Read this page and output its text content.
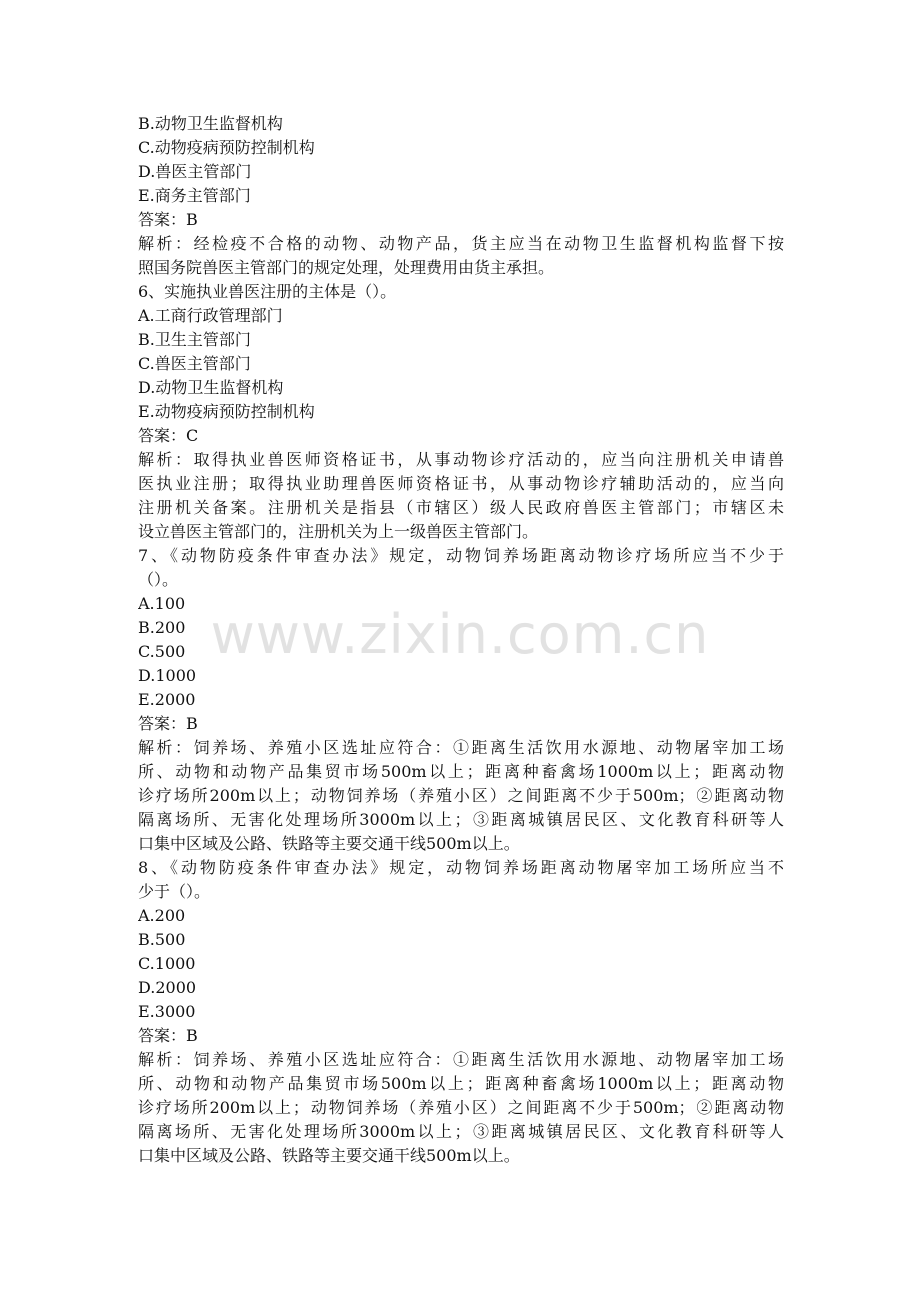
www.zixin.com.cn
B.动物卫生监督机构
C.动物疫病预防控制机构
D.兽医主管部门
E.商务主管部门
答案：B
解析：经检疫不合格的动物、动物产品，货主应当在动物卫生监督机构监督下按
照国务院兽医主管部门的规定处理，处理费用由货主承担。
6、实施执业兽医注册的主体是（）。
A.工商行政管理部门
B.卫生主管部门
C.兽医主管部门
D.动物卫生监督机构
E.动物疫病预防控制机构
答案：C
解析：取得执业兽医师资格证书，从事动物诊疗活动的，应当向注册机关申请兽
医执业注册；取得执业助理兽医师资格证书，从事动物诊疗辅助活动的，应当向
注册机关备案。注册机关是指县（市辖区）级人民政府兽医主管部门；市辖区未
设立兽医主管部门的，注册机关为上一级兽医主管部门。
7、《动物防疫条件审查办法》规定，动物饲养场距离动物诊疗场所应当不少于
（）。
A.100
B.200
C.500
D.1000
E.2000
答案：B
解析：饲养场、养殖小区选址应符合：①距离生活饮用水源地、动物屠宰加工场
所、动物和动物产品集贸市场500m以上；距离种畜禽场1000m以上；距离动物
诊疗场所200m以上；动物饲养场（养殖小区）之间距离不少于500m；②距离动物
隔离场所、无害化处理场所3000m以上；③距离城镇居民区、文化教育科研等人
口集中区域及公路、铁路等主要交通干线500m以上。
8、《动物防疫条件审查办法》规定，动物饲养场距离动物屠宰加工场所应当不
少于（）。
A.200
B.500
C.1000
D.2000
E.3000
答案：B
解析：饲养场、养殖小区选址应符合：①距离生活饮用水源地、动物屠宰加工场
所、动物和动物产品集贸市场500m以上；距离种畜禽场1000m以上；距离动物
诊疗场所200m以上；动物饲养场（养殖小区）之间距离不少于500m；②距离动物
隔离场所、无害化处理场所3000m以上；③距离城镇居民区、文化教育科研等人
口集中区域及公路、铁路等主要交通干线500m以上。
